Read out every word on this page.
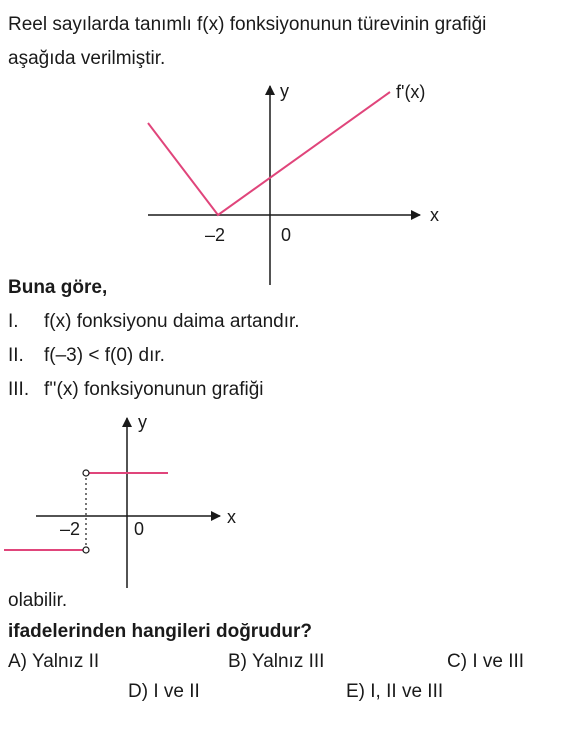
Reel sayılarda tanımlı f(x) fonksiyonunun türevinin grafiği
aşağıda verilmiştir.
y
x
f'(x)
–2	0
y
x
–2	0
Buna göre,
I. f(x) fonksiyonu daima artandır.
II. f(–3) < f(0) dır.
III. f''(x) fonksiyonunun grafiği
olabilir.
ifadelerinden hangileri doğrudur?
A) Yalnız II	B) Yalnız III	C) I ve III
D) I ve II	E) I, II ve III
